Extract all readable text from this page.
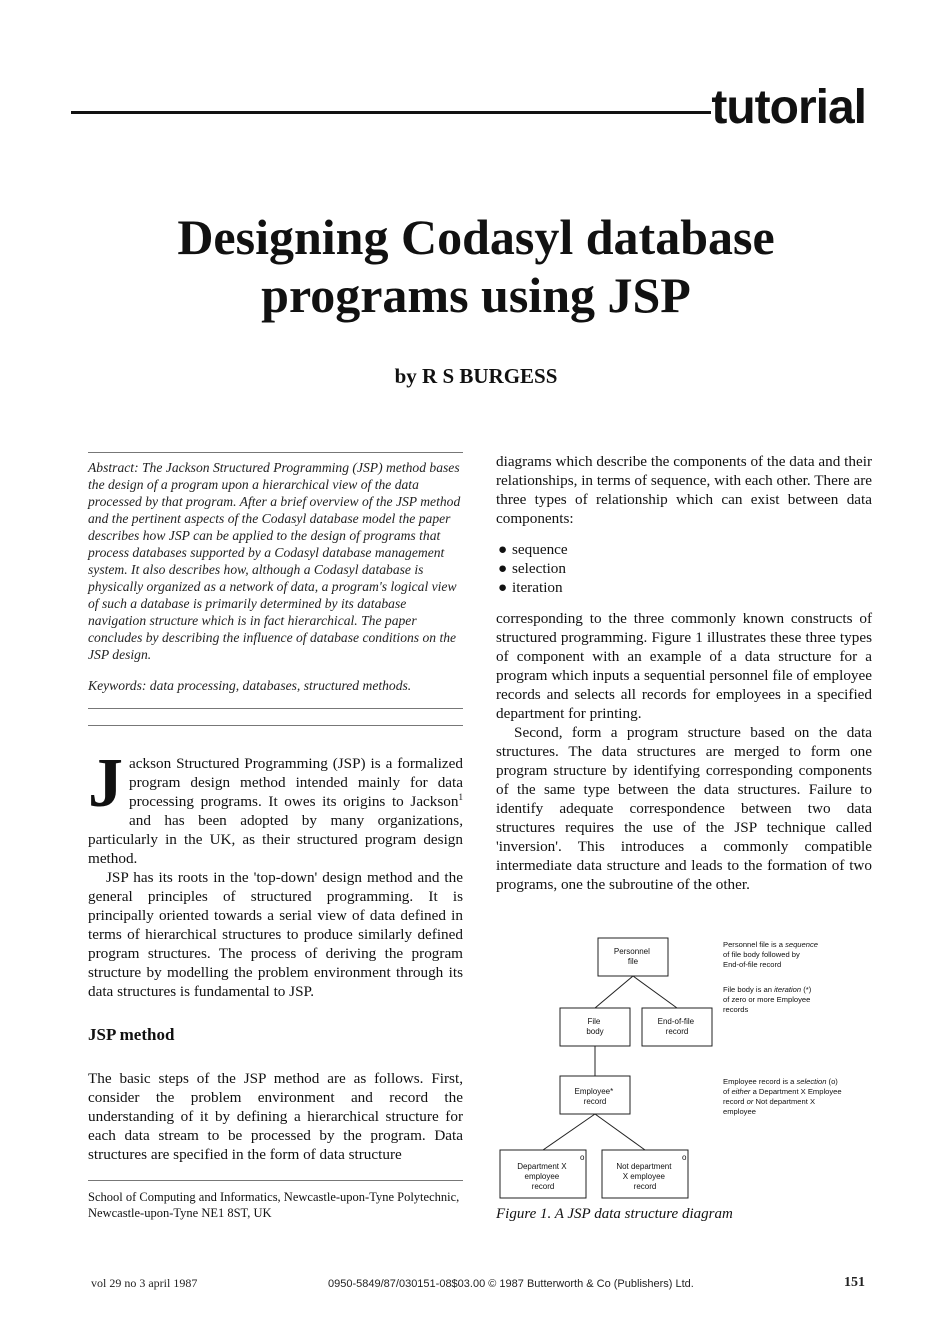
tutorial
Designing Codasyl database
programs using JSP
by R S BURGESS

Abstract: The Jackson Structured Programming (JSP) method bases the design of a program upon a hierarchical view of the data processed by that program. After a brief overview of the JSP method and the pertinent aspects of the Codasyl database model the paper describes how JSP can be applied to the design of programs that process databases supported by a Codasyl database management system. It also describes how, although a Codasyl database is physically organized as a network of data, a program's logical view of such a database is primarily determined by its database navigation structure which is in fact hierarchical. The paper concludes by describing the influence of database conditions on the JSP design.

Keywords: data processing, databases, structured methods.

Jackson Structured Programming (JSP) is a formalized program design method intended mainly for data processing programs. It owes its origins to Jackson$^1$ and has been adopted by many organizations, particularly in the UK, as their structured program design method.

JSP has its roots in the 'top-down' design method and the general principles of structured programming. It is principally oriented towards a serial view of data defined in terms of hierarchical structures to produce similarly defined program structures. The process of deriving the program structure by modelling the problem environment through its data structures is fundamental to JSP.

JSP method

The basic steps of the JSP method are as follows. First, consider the problem environment and record the understanding of it by defining a hierarchical structure for each data stream to be processed by the program. Data structures are specified in the form of data structure

School of Computing and Informatics, Newcastle-upon-Tyne Polytechnic, Newcastle-upon-Tyne NE1 8ST, UK

diagrams which describe the components of the data and their relationships, in terms of sequence, with each other. There are three types of relationship which can exist between data components:

● sequence
● selection
● iteration

corresponding to the three commonly known constructs of structured programming. Figure 1 illustrates these three types of component with an example of a data structure for a program which inputs a sequential personnel file of employee records and selects all records for employees in a specified department for printing.

Second, form a program structure based on the data structures. The data structures are merged to form one program structure by identifying corresponding components of the same type between the data structures. Failure to identify adequate correspondence between two data structures requires the use of the JSP technique called 'inversion'. This introduces a commonly compatible intermediate data structure and leads to the formation of two programs, one the subroutine of the other.

Personnel file
File body
End-of-file record
Employee* record
o	o
Department X employee record
Not department X employee record
Personnel file is a sequence of file body followed by End-of-file record
File body is an iteration (*) of zero or more Employee records
Employee record is a selection (o) of either a Department X Employee record or Not department X employee
Figure 1. A JSP data structure diagram
vol 29 no 3 april 1987	0950-5849/87/030151-08$03.00 © 1987 Butterworth & Co (Publishers) Ltd.	151
